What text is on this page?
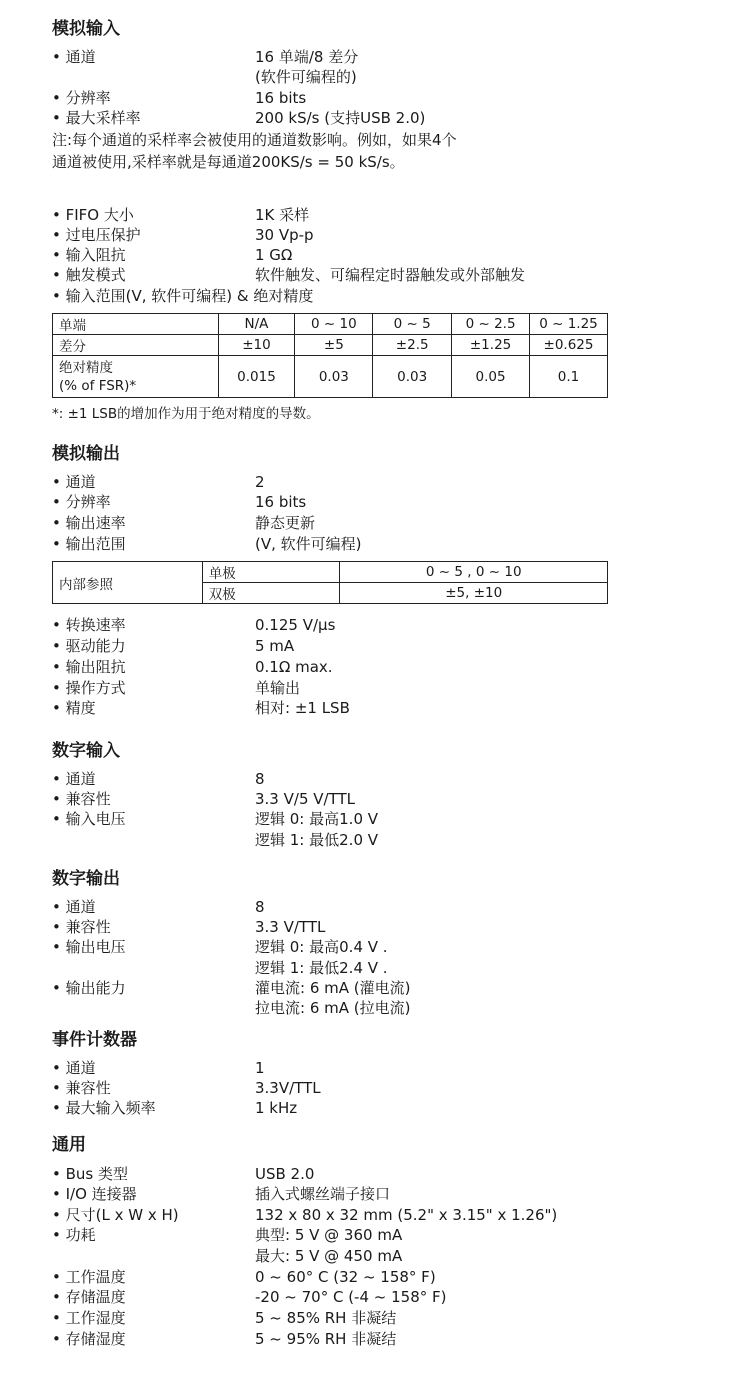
模拟输入
• 通道	16 单端/8 差分
(软件可编程的)
• 分辨率	16 bits
• 最大采样率	200 kS/s (支持USB 2.0)
注:每个通道的采样率会被使用的通道数影响。例如，如果4个
通道被使用,采样率就是每通道200KS/s = 50 kS/s。
• FIFO 大小	1K 采样
• 过电压保护	30 Vp-p
• 输入阻抗	1 GΩ
• 触发模式	软件触发、可编程定时器触发或外部触发
• 输入范围(V, 软件可编程) & 绝对精度
单端	N/A	0 ~ 10	0 ~ 5	0 ~ 2.5	0 ~ 1.25
差分	±10	±5	±2.5	±1.25	±0.625

绝对精度
(% of FSR)*	0.015	0.03	0.03	0.05	0.1
*: ±1 LSB的增加作为用于绝对精度的导数。
模拟输出
• 通道	2
• 分辨率	16 bits
• 输出速率	静态更新
• 输出范围	(V, 软件可编程)
内部参照	单极	0 ~ 5 , 0 ~ 10
	双极	±5, ±10
• 转换速率	0.125 V/μs
• 驱动能力	5 mA
• 输出阻抗	0.1Ω max.
• 操作方式	单输出
• 精度	相对: ±1 LSB
数字输入
• 通道	8
• 兼容性	3.3 V/5 V/TTL
• 输入电压	逻辑 0: 最高1.0 V
逻辑 1: 最低2.0 V
数字输出
• 通道	8
• 兼容性	3.3 V/TTL
• 输出电压	逻辑 0: 最高0.4 V .
逻辑 1: 最低2.4 V .
• 输出能力	灌电流: 6 mA (灌电流)
拉电流: 6 mA (拉电流)
事件计数器
• 通道	1
• 兼容性	3.3V/TTL
• 最大输入频率	1 kHz
通用
• Bus 类型	USB 2.0
• I/O 连接器	插入式螺丝端子接口
• 尺寸(L x W x H)	132 x 80 x 32 mm (5.2" x 3.15" x 1.26")
• 功耗	典型: 5 V @ 360 mA
最大: 5 V @ 450 mA
• 工作温度	0 ~ 60° C (32 ~ 158° F)
• 存储温度	-20 ~ 70° C (-4 ~ 158° F)
• 工作湿度	5 ~ 85% RH 非凝结
• 存储湿度	5 ~ 95% RH 非凝结
